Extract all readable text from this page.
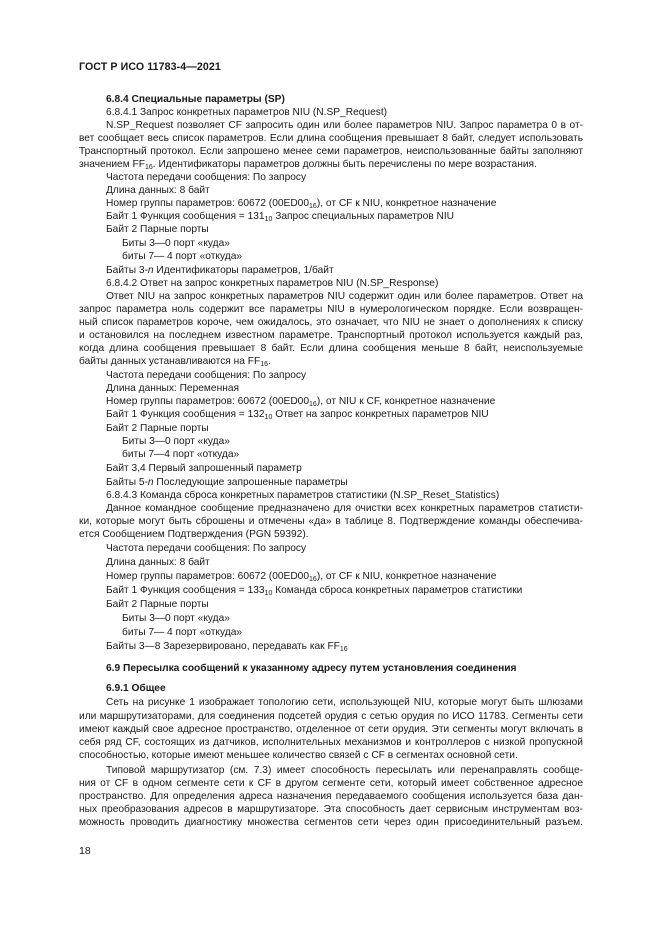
ГОСТ Р ИСО 11783-4—2021
6.8.4 Специальные параметры (SP)
6.8.4.1 Запрос конкретных параметров NIU (N.SP_Request)
N.SP_Request позволяет CF запросить один или более параметров NIU. Запрос параметра 0 в от-
вет сообщает весь список параметров. Если длина сообщения превышает 8 байт, следует использовать
Транспортный протокол. Если запрошено менее семи параметров, неиспользованные байты заполняют
значением $FF_{16}$. Идентификаторы параметров должны быть перечислены по мере возрастания.
Частота передачи сообщения: По запросу
Длина данных: 8 байт
Номер группы параметров: 60672 $(00ED00_{16})$, от CF к NIU, конкретное назначение
Байт 1 Функция сообщения = $131_{10}$ Запрос специальных параметров NIU
Байт 2 Парные порты
Биты 3—0 порт «куда»
биты 7— 4 порт «откуда»
Байты 3-n Идентификаторы параметров, 1/байт
6.8.4.2 Ответ на запрос конкретных параметров NIU (N.SP_Response)
Ответ NIU на запрос конкретных параметров NIU содержит один или более параметров. Ответ на
запрос параметра ноль содержит все параметры NIU в нумерологическом порядке. Если возвращен-
ный список параметров короче, чем ожидалось, это означает, что NIU не знает о дополнениях к списку
и остановился на последнем известном параметре. Транспортный протокол используется каждый раз,
когда длина сообщения превышает 8 байт. Если длина сообщения меньше 8 байт, неиспользуемые
байты данных устанавливаются на $FF_{16}$.
Частота передачи сообщения: По запросу
Длина данных: Переменная
Номер группы параметров: 60672 $(00ED00_{16})$, от NIU к CF, конкретное назначение
Байт 1 Функция сообщения = $132_{10}$ Ответ на запрос конкретных параметров NIU
Байт 2 Парные порты
Биты 3—0 порт «куда»
биты 7—4 порт «откуда»
Байт 3,4 Первый запрошенный параметр
Байты 5-n Последующие запрошенные параметры
6.8.4.3 Команда сброса конкретных параметров статистики (N.SP_Reset_Statistics)
Данное командное сообщение предназначено для очистки всех конкретных параметров статисти-
ки, которые могут быть сброшены и отмечены «да» в таблице 8. Подтверждение команды обеспечива-
ется Сообщением Подтверждения (PGN 59392).
Частота передачи сообщения: По запросу
Длина данных: 8 байт
Номер группы параметров: 60672 $(00ED00_{16})$, от CF к NIU, конкретное назначение
Байт 1 Функция сообщения = $133_{10}$ Команда сброса конкретных параметров статистики
Байт 2 Парные порты
Биты 3—0 порт «куда»
биты 7— 4 порт «откуда»
Байты 3—8 Зарезервировано, передавать как $FF_{16}$
6.9 Пересылка сообщений к указанному адресу путем установления соединения
6.9.1 Общее
Сеть на рисунке 1 изображает топологию сети, использующей NIU, которые могут быть шлюзами
или маршрутизаторами, для соединения подсетей орудия с сетью орудия по ИСО 11783. Сегменты сети
имеют каждый свое адресное пространство, отделенное от сети орудия. Эти сегменты могут включать в
себя ряд CF, состоящих из датчиков, исполнительных механизмов и контроллеров с низкой пропускной
способностью, которые имеют меньшее количество связей с CF в сегментах основной сети.
Типовой маршрутизатор (см. 7.3) имеет способность пересылать или перенаправлять сообще-
ния от CF в одном сегменте сети к CF в другом сегменте сети, который имеет собственное адресное
пространство. Для определения адреса назначения передаваемого сообщения используется база дан-
ных преобразования адресов в маршрутизаторе. Эта способность дает сервисным инструментам воз-
можность проводить диагностику множества сегментов сети через один присоединительный разъем.
18
